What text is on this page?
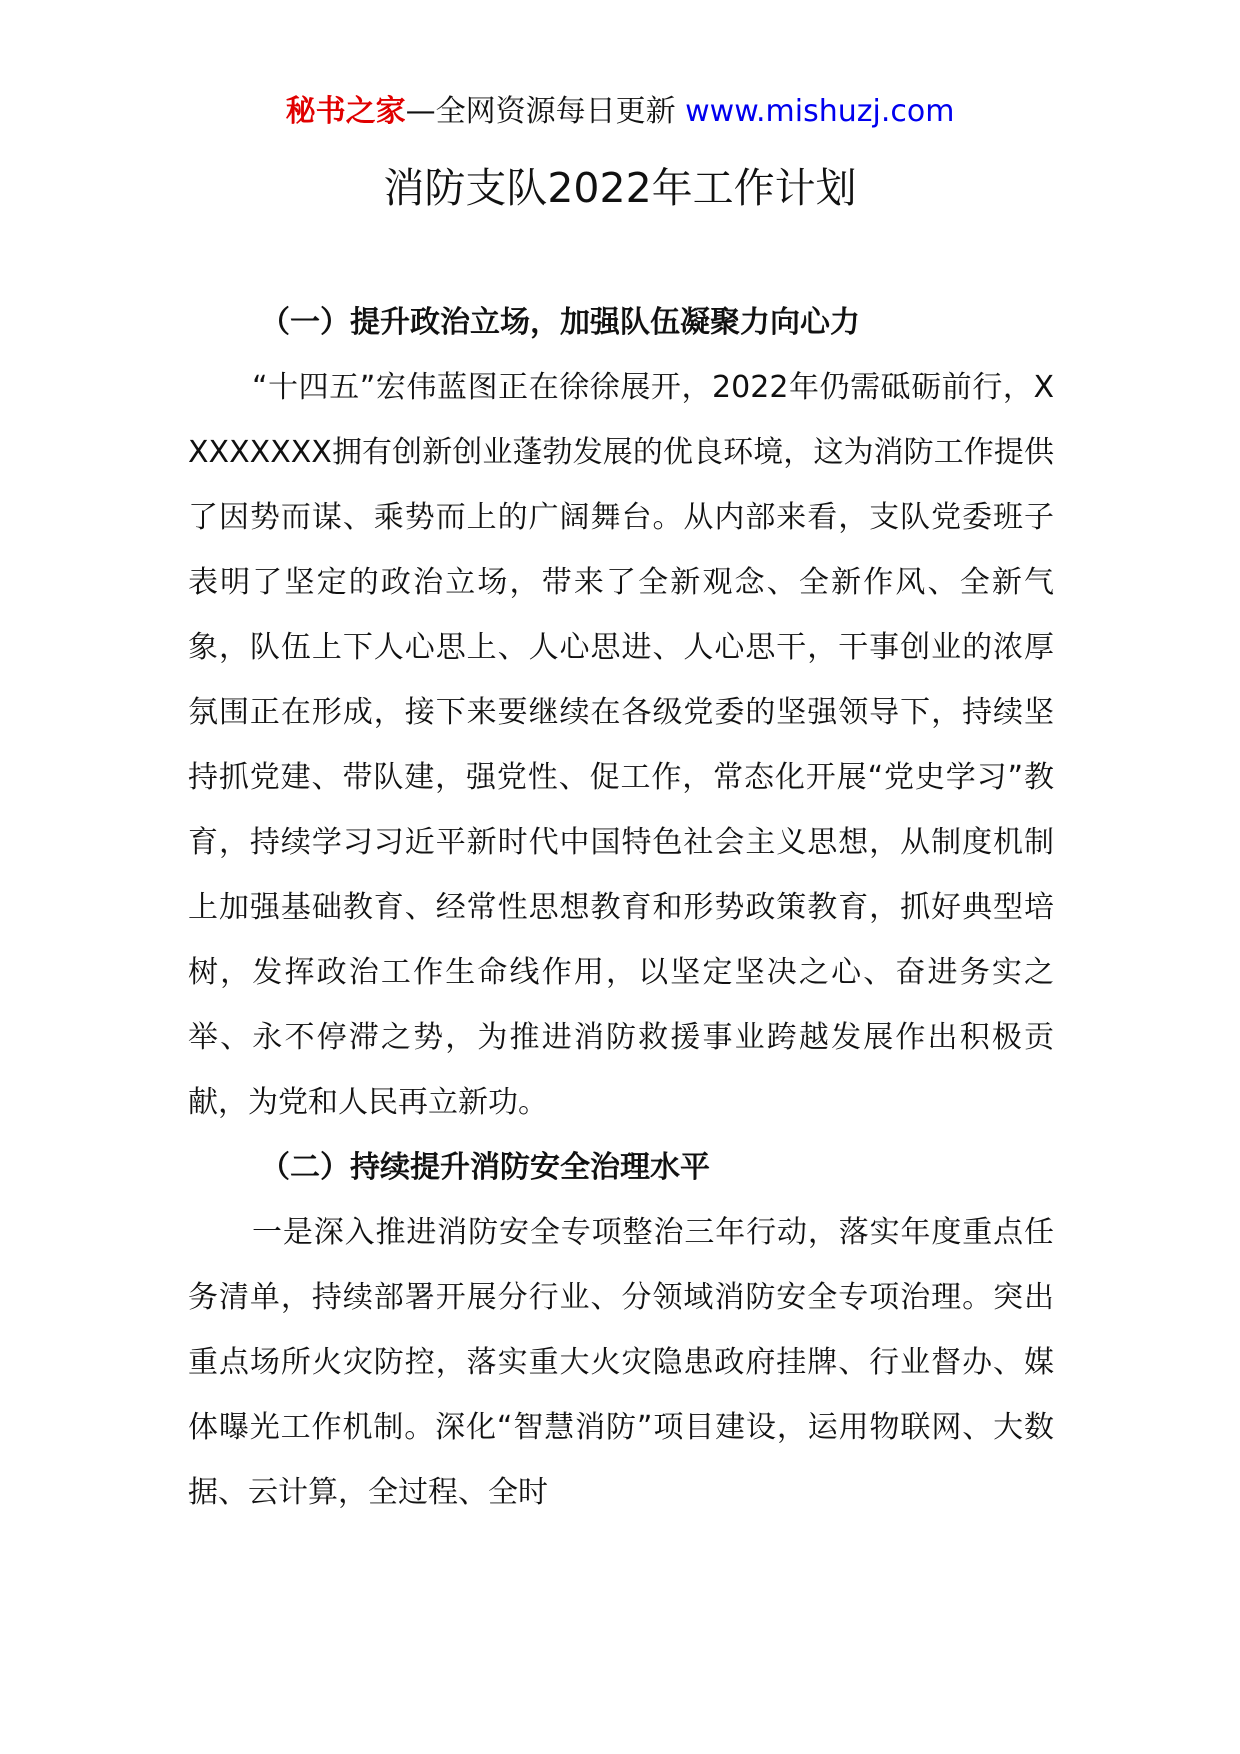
秘书之家—全网资源每日更新 www.mishuzj.com
消防支队2022年工作计划
（一）提升政治立场，加强队伍凝聚力向心力

“十四五”宏伟蓝图正在徐徐展开，2022年仍需砥砺前行，XXXXXXXX拥有创新创业蓬勃发展的优良环境，这为消防工作提供了因势而谋、乘势而上的广阔舞台。从内部来看，支队党委班子表明了坚定的政治立场，带来了全新观念、全新作风、全新气象，队伍上下人心思上、人心思进、人心思干，干事创业的浓厚氛围正在形成，接下来要继续在各级党委的坚强领导下，持续坚持抓党建、带队建，强党性、促工作，常态化开展“党史学习”教育，持续学习习近平新时代中国特色社会主义思想，从制度机制上加强基础教育、经常性思想教育和形势政策教育，抓好典型培树，发挥政治工作生命线作用，以坚定坚决之心、奋进务实之举、永不停滞之势，为推进消防救援事业跨越发展作出积极贡献，为党和人民再立新功。

（二）持续提升消防安全治理水平

一是深入推进消防安全专项整治三年行动，落实年度重点任务清单，持续部署开展分行业、分领域消防安全专项治理。突出重点场所火灾防控，落实重大火灾隐患政府挂牌、行业督办、媒体曝光工作机制。深化“智慧消防”项目建设，运用物联网、大数据、云计算，全过程、全时
